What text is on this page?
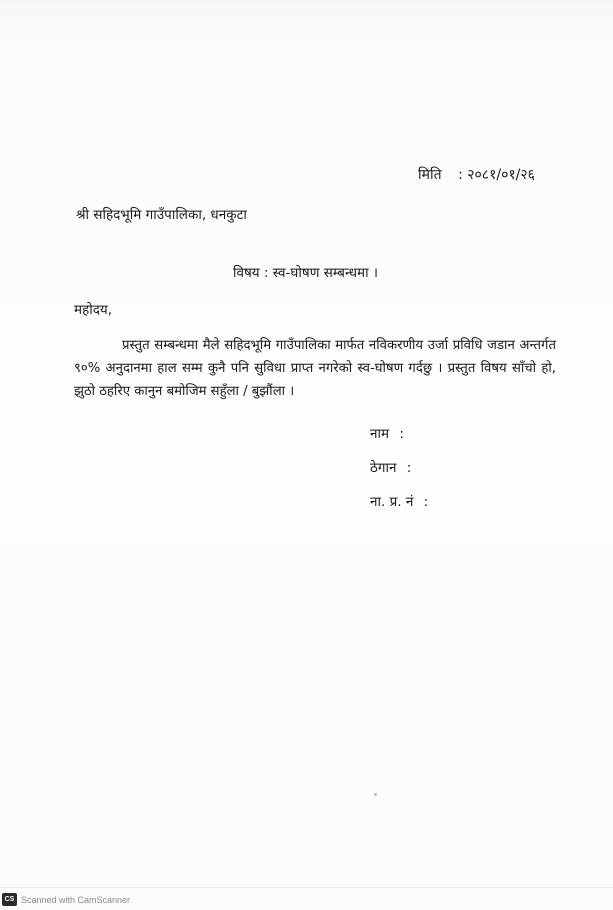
मिति : २०८१/०१/२६
श्री सहिदभूमि गाउँपालिका, धनकुटा
विषय : स्व-घोषण सम्बन्धमा ।
महोदय,
प्रस्तुत सम्बन्धमा मैले सहिदभूमि गाउँपालिका मार्फत नविकरणीय उर्जा प्रविधि जडान अन्तर्गत ९०% अनुदानमा हाल सम्म कुनै पनि सुविधा प्राप्त नगरेको स्व-घोषण गर्दछु । प्रस्तुत विषय साँचो हो, झुठो ठहरिए कानुन बमोजिम सहुँला / बुझौंला ।
नाम :
ठेगान :
ना. प्र. नं :
CS Scanned with CamScanner
